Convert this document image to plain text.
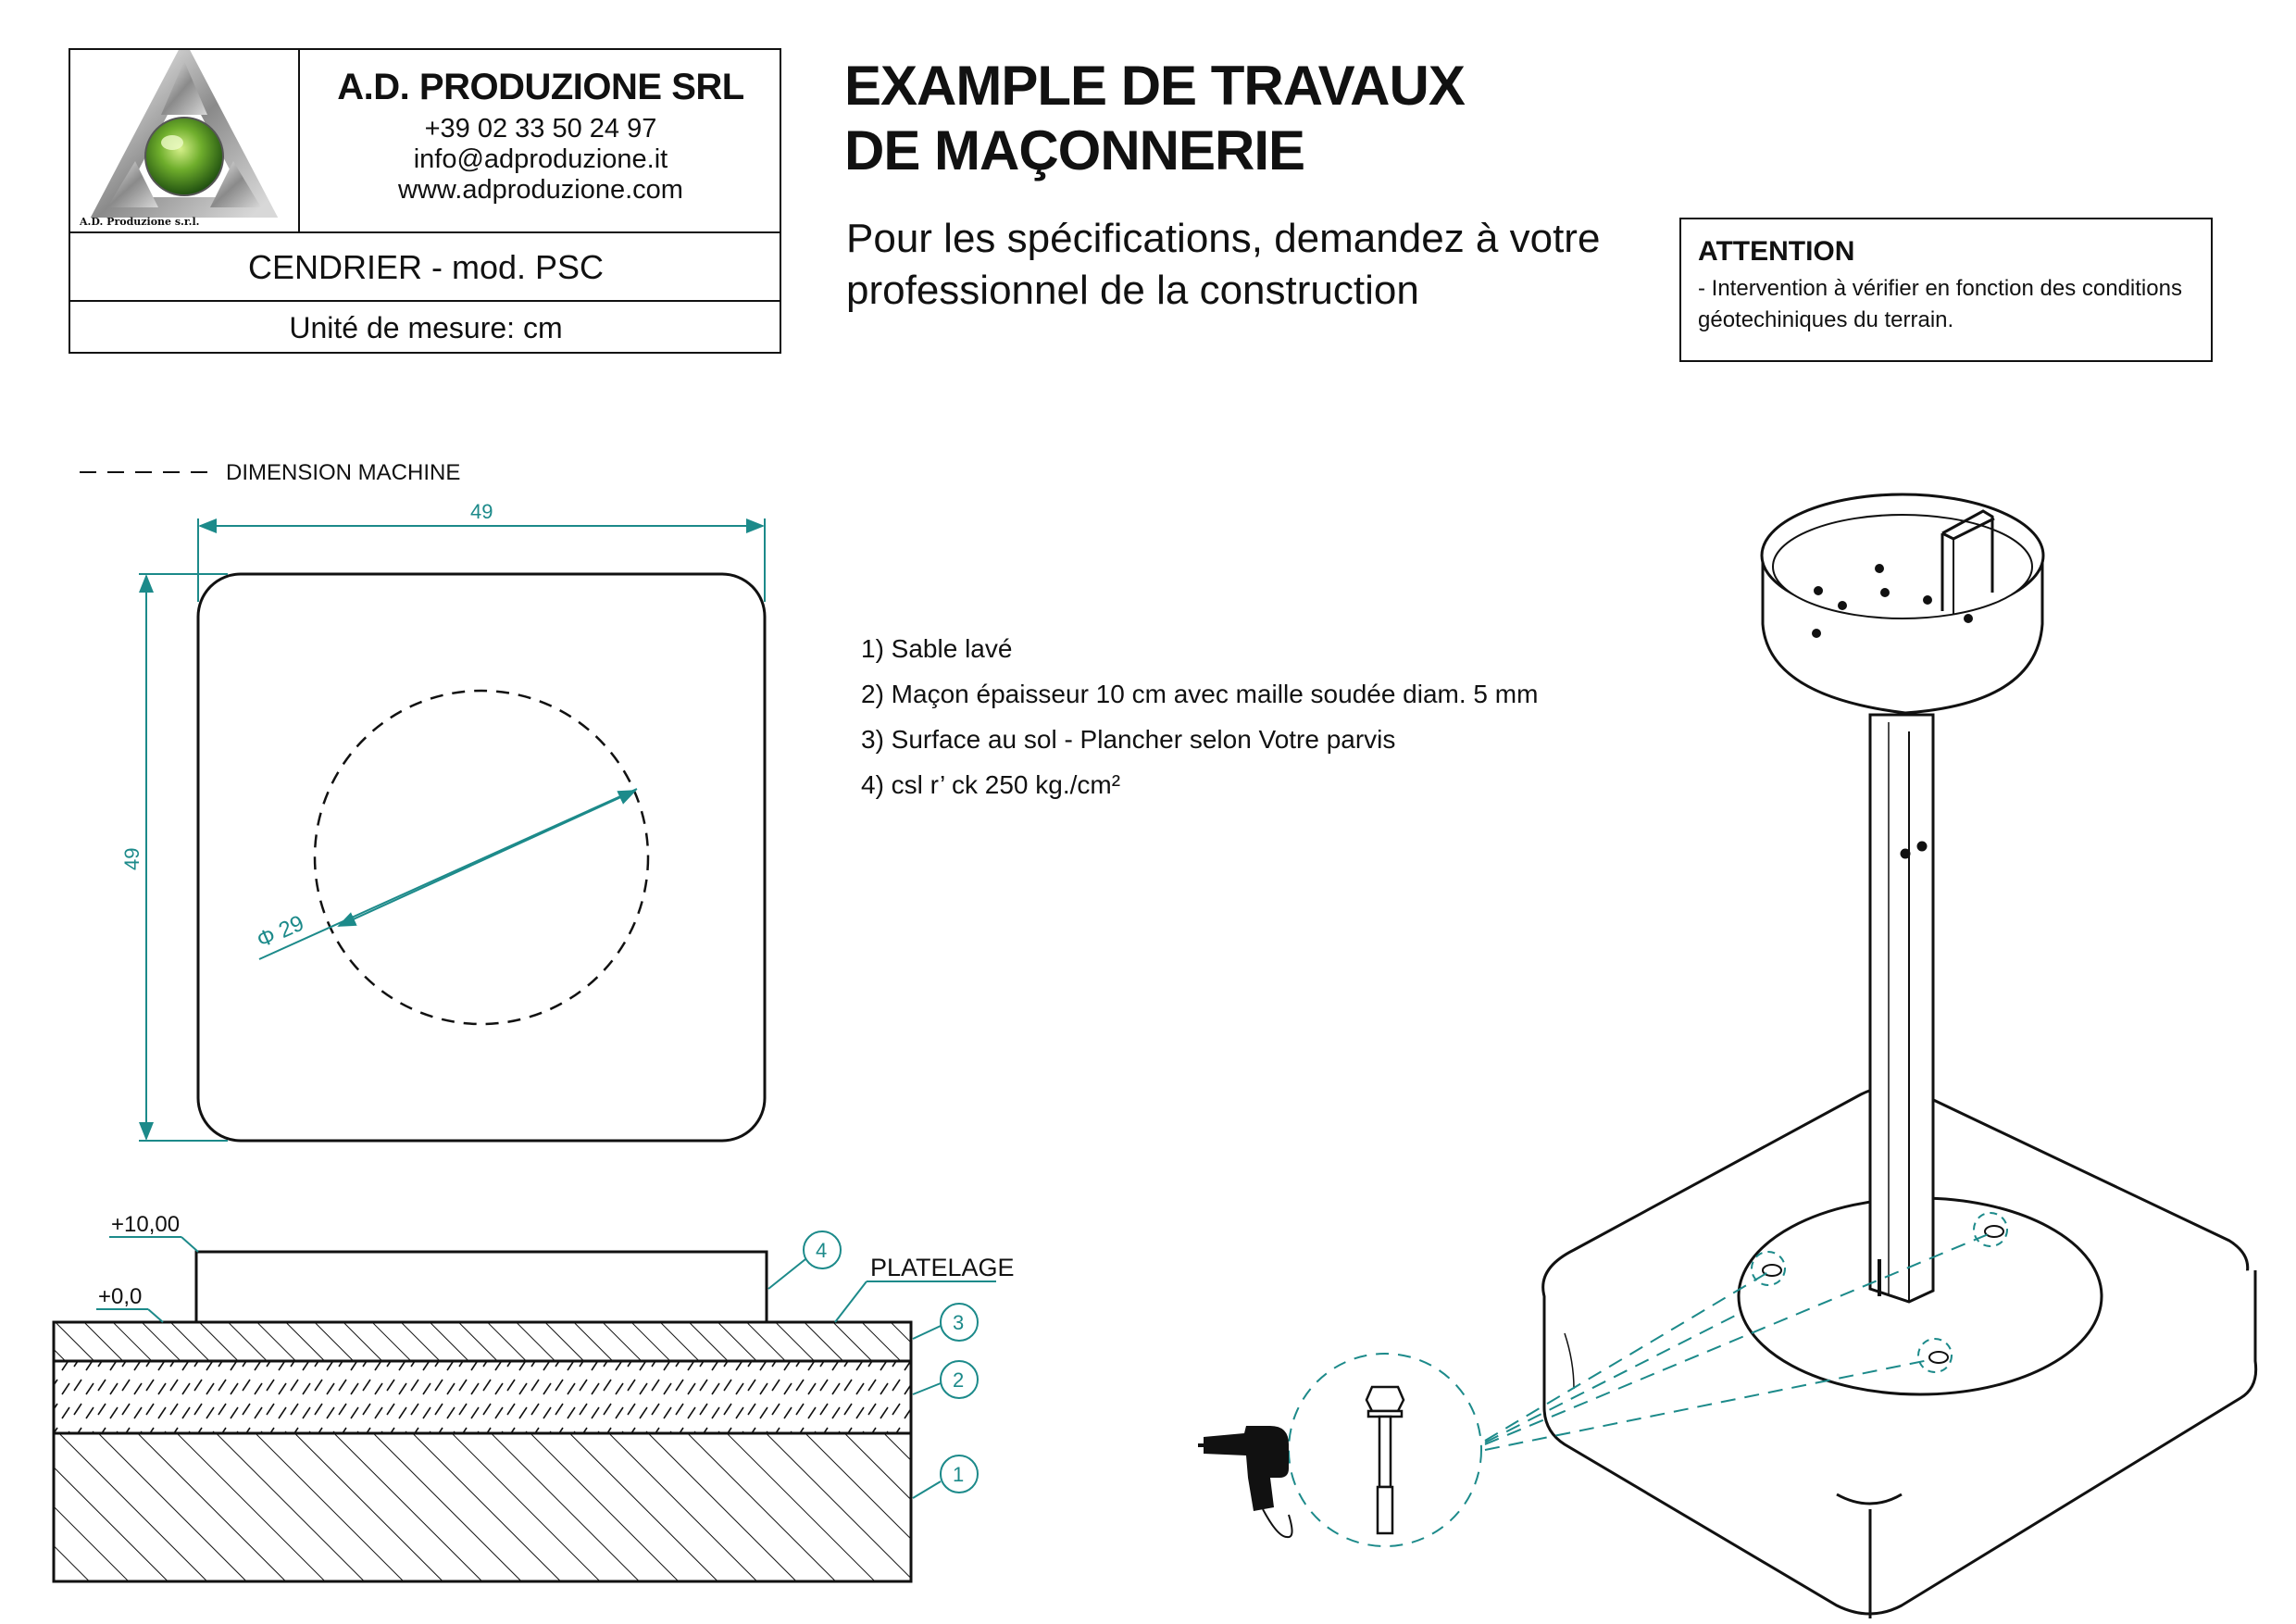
A.D. Produzione s.r.l.
A.D. PRODUZIONE SRL
+39 02 33 50 24 97
info@adproduzione.it
www.adproduzione.com
CENDRIER - mod. PSC
Unité de mesure: cm
EXAMPLE DE TRAVAUX
DE MAÇONNERIE
Pour les spécifications, demandez à votre
professionnel de la construction
ATTENTION
- Intervention à vérifier en fonction des conditions
géotechiniques du terrain.
1) Sable lavé
2) Maçon épaisseur 10 cm avec maille soudée diam. 5 mm
3) Surface au sol - Plancher selon Votre parvis
4) csl r’ ck 250 kg./cm²
DIMENSION MACHINE
49
49
Φ 29
+10,00
+0,0
PLATELAGE
4
3
2
1
